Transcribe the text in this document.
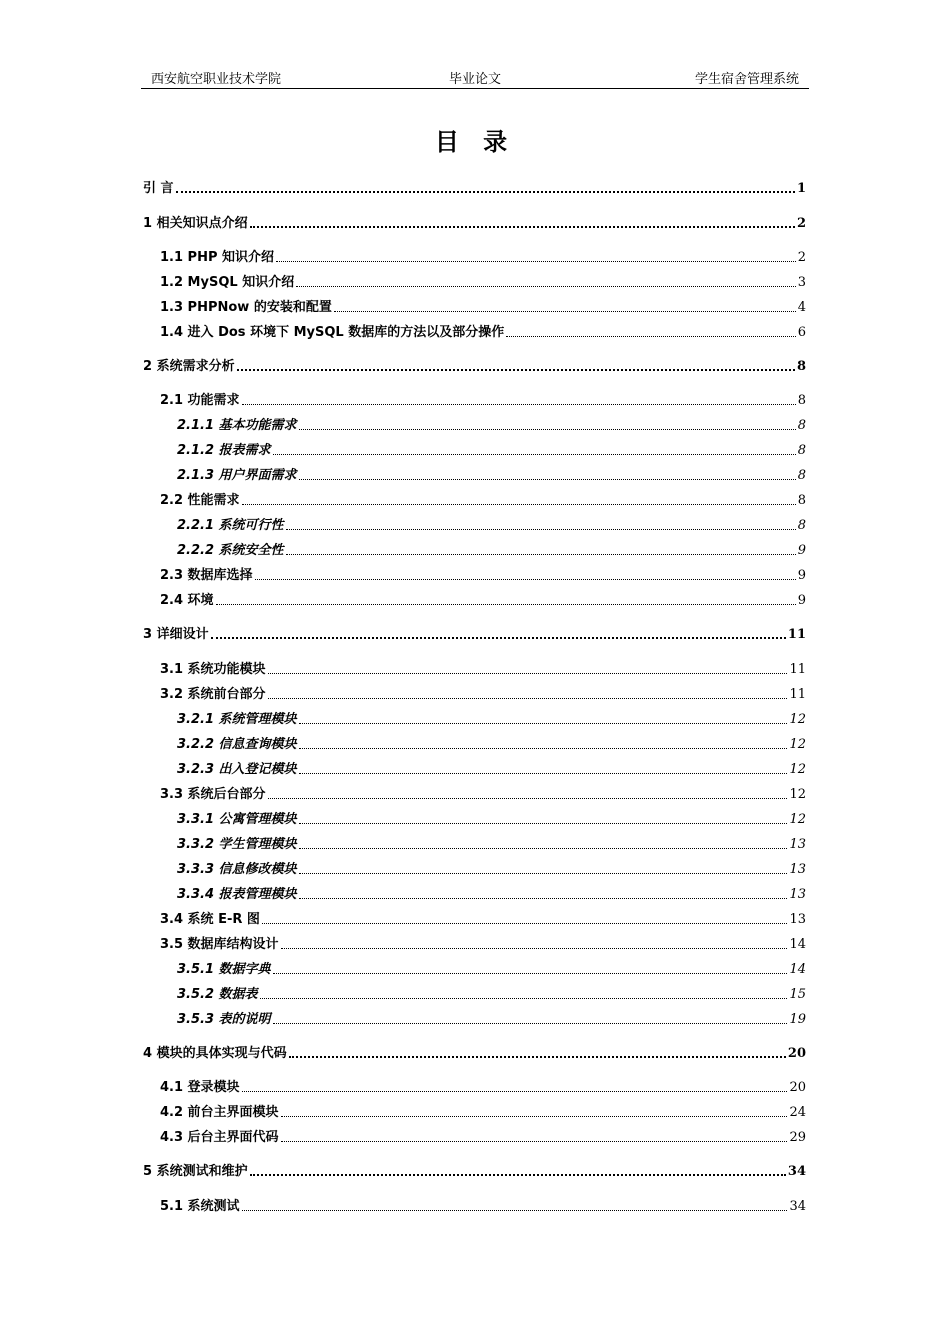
西安航空职业技术学院	毕业论文	学生宿舍管理系统
目 录
引 言	1
1 相关知识点介绍	2
1.1 PHP 知识介绍	2
1.2 MySQL 知识介绍	3
1.3 PHPNow 的安装和配置	4
1.4 进入 Dos 环境下 MySQL 数据库的方法以及部分操作	6
2 系统需求分析	8
2.1 功能需求	8
2.1.1 基本功能需求	8
2.1.2 报表需求	8
2.1.3 用户界面需求	8
2.2 性能需求	8
2.2.1 系统可行性	8
2.2.2 系统安全性	9
2.3 数据库选择	9
2.4 环境	9
3 详细设计	11
3.1 系统功能模块	11
3.2 系统前台部分	11
3.2.1 系统管理模块	12
3.2.2 信息查询模块	12
3.2.3 出入登记模块	12
3.3 系统后台部分	12
3.3.1 公寓管理模块	12
3.3.2 学生管理模块	13
3.3.3 信息修改模块	13
3.3.4 报表管理模块	13
3.4 系统 E-R 图	13
3.5 数据库结构设计	14
3.5.1 数据字典	14
3.5.2 数据表	15
3.5.3 表的说明	19
4 模块的具体实现与代码	20
4.1 登录模块	20
4.2 前台主界面模块	24
4.3 后台主界面代码	29
5 系统测试和维护	34
5.1 系统测试	34
